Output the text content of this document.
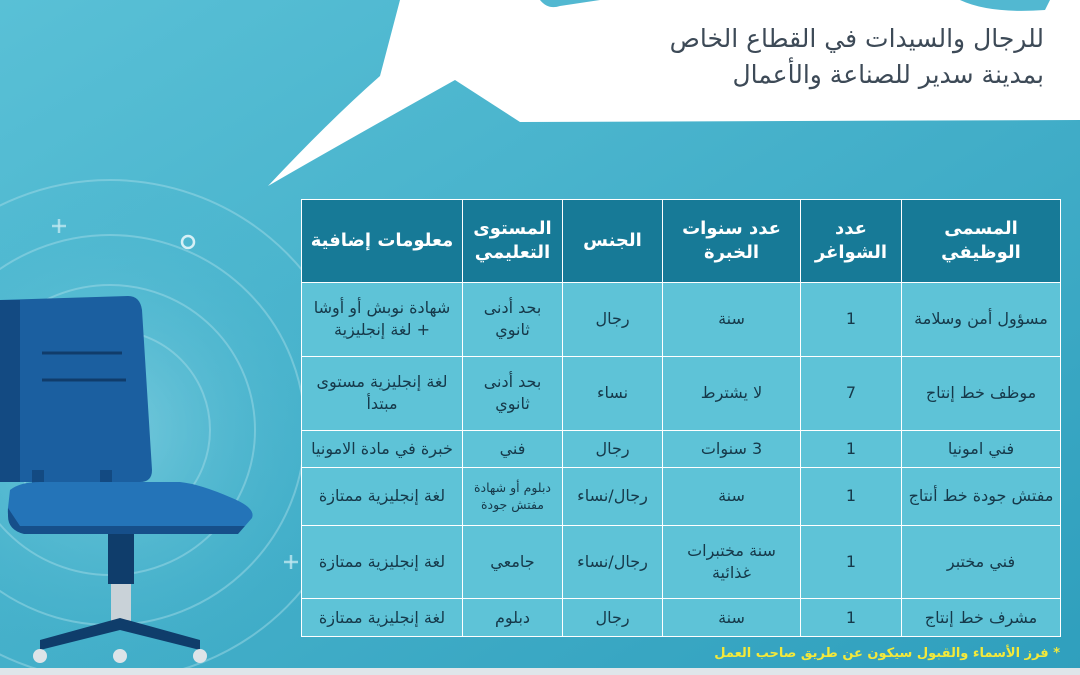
للرجال والسيدات في القطاع الخاص
بمدينة سدير للصناعة والأعمال
المسمى الوظيفي	عدد الشواغر	عدد سنوات الخبرة	الجنس	المستوى التعليمي	معلومات إضافية
مسؤول أمن وسلامة	1	سنة	رجال	بحد أدنى ثانوي	شهادة نوبش أو أوشا + لغة إنجليزية
موظف خط إنتاج	7	لا يشترط	نساء	بحد أدنى ثانوي	لغة إنجليزية مستوى مبتدأ
فني امونيا	1	3 سنوات	رجال	فني	خبرة في مادة الامونيا
مفتش جودة خط أنتاج	1	سنة	رجال/نساء	دبلوم أو شهادة مفتش جودة	لغة إنجليزية ممتازة
فني مختبر	1	سنة مختبرات غذائية	رجال/نساء	جامعي	لغة إنجليزية ممتازة
مشرف خط إنتاج	1	سنة	رجال	دبلوم	لغة إنجليزية ممتازة
* فرز الأسماء والقبول سيكون عن طريق صاحب العمل
